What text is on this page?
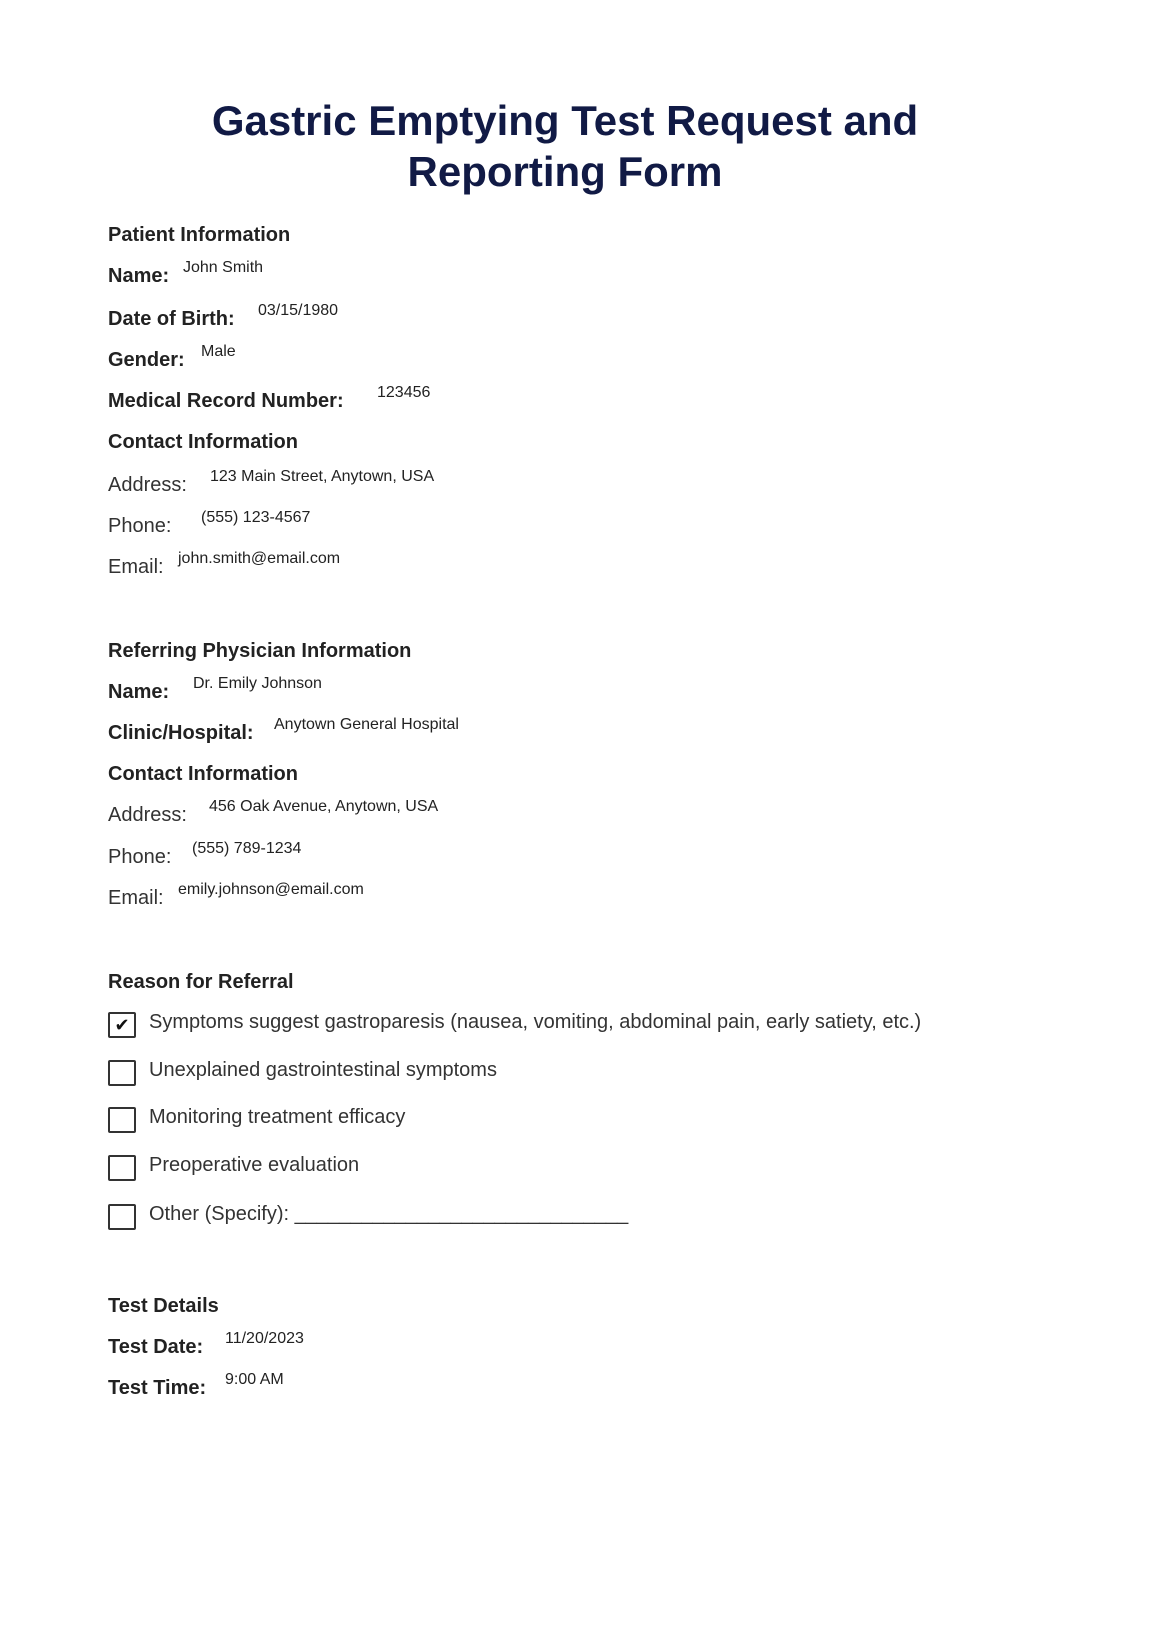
Gastric Emptying Test Request and
Reporting Form
Patient Information
Name: John Smith
Date of Birth: 03/15/1980
Gender: Male
Medical Record Number: 123456
Contact Information
Address: 123 Main Street, Anytown, USA
Phone: (555) 123-4567
Email: john.smith@email.com
Referring Physician Information
Name: Dr. Emily Johnson
Clinic/Hospital: Anytown General Hospital
Contact Information
Address: 456 Oak Avenue, Anytown, USA
Phone: (555) 789-1234
Email: emily.johnson@email.com
Reason for Referral
✔ Symptoms suggest gastroparesis (nausea, vomiting, abdominal pain, early satiety, etc.)
Unexplained gastrointestinal symptoms
Monitoring treatment efficacy
Preoperative evaluation
Other (Specify): ______________________________
Test Details
Test Date: 11/20/2023
Test Time: 9:00 AM
